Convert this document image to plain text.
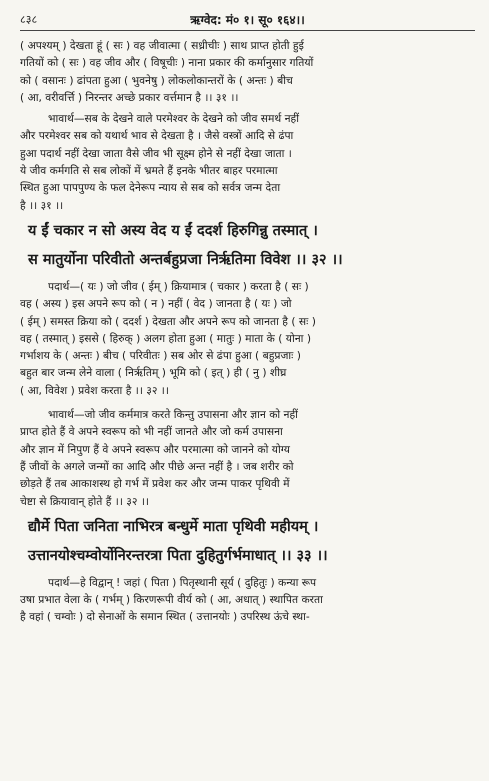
८३८	ऋग्वेद: मं० १। सू० १६४।।

( अपश्यम् ) देखता हूं ( सः ) वह जीवात्मा ( सध्रीचीः ) साथ प्राप्त होती हुई

गतियों को ( सः ) वह जीव और ( विषूचीः ) नाना प्रकार की कर्मानुसार गतियों

को ( वसानः ) ढांपता हुआ ( भुवनेषु ) लोकलोकान्तरों के ( अन्तः ) बीच

( आ, वरीवर्त्ति ) निरन्तर अच्छे प्रकार वर्त्तमान है ।। ३१ ।।

भावार्थ—सब के देखने वाले परमेश्वर के देखने को जीव समर्थ नहीं

और परमेश्वर सब को यथार्थ भाव से देखता है । जैसे वस्त्रों आदि से ढंपा

हुआ पदार्थ नहीं देखा जाता वैसे जीव भी सूक्ष्म होने से नहीं देखा जाता ।

ये जीव कर्मगति से सब लोकों में भ्रमते हैं इनके भीतर बाहर परमात्मा

स्थित हुआ पापपुण्य के फल देनेरूप न्याय से सब को सर्वत्र जन्म देता

है ।। ३१ ।।

य ईं चकार न सो अस्य वेद य ईं ददर्श हिरुगिन्नु तस्मात् ।

स मातुर्योना परिवीतो अन्तर्बहुप्रजा निर्ऋतिमा विवेश ।। ३२ ।।

पदार्थ—( यः ) जो जीव ( ईम् ) क्रियामात्र ( चकार ) करता है ( सः )

वह ( अस्य ) इस अपने रूप को ( न ) नहीं ( वेद ) जानता है ( यः ) जो

( ईम् ) समस्त क्रिया को ( ददर्श ) देखता और अपने रूप को जानता है ( सः )

वह ( तस्मात् ) इससे ( हिरुक् ) अलग होता हुआ ( मातुः ) माता के ( योना )

गर्भाशय के ( अन्तः ) बीच ( परिवीतः ) सब ओर से ढंपा हुआ ( बहुप्रजाः )

बहुत बार जन्म लेने वाला ( निर्ऋतिम् ) भूमि को ( इत् ) ही ( नु ) शीघ्र

( आ, विवेश ) प्रवेश करता है ।। ३२ ।।

भावार्थ—जो जीव कर्ममात्र करते किन्तु उपासना और ज्ञान को नहीं

प्राप्त होते हैं वे अपने स्वरूप को भी नहीं जानते और जो कर्म उपासना

और ज्ञान में निपुण हैं वे अपने स्वरूप और परमात्मा को जानने को योग्य

हैं जीवों के अगले जन्मों का आदि और पीछे अन्त नहीं है । जब शरीर को

छोड़ते हैं तब आकाशस्थ हो गर्भ में प्रवेश कर और जन्म पाकर पृथिवी में

चेष्टा से क्रियावान् होते हैं ।। ३२ ।।

द्यौर्मे पिता जनिता नाभिरत्र बन्धुर्मे माता पृथिवी महीयम् ।

उत्तानयोश्चम्वोर्योनिरन्तरत्रा पिता दुहितुर्गर्भमाधात् ।। ३३ ।।

पदार्थ—हे विद्वान् ! जहां ( पिता ) पितृस्थानी सूर्य ( दुहितुः ) कन्या रूप

उषा प्रभात वेला के ( गर्भम् ) किरणरूपी वीर्य को ( आ, अधात् ) स्थापित करता

है वहां ( चम्वोः ) दो सेनाओं के समान स्थित ( उत्तानयोः ) उपरिस्थ ऊंचे स्था-
